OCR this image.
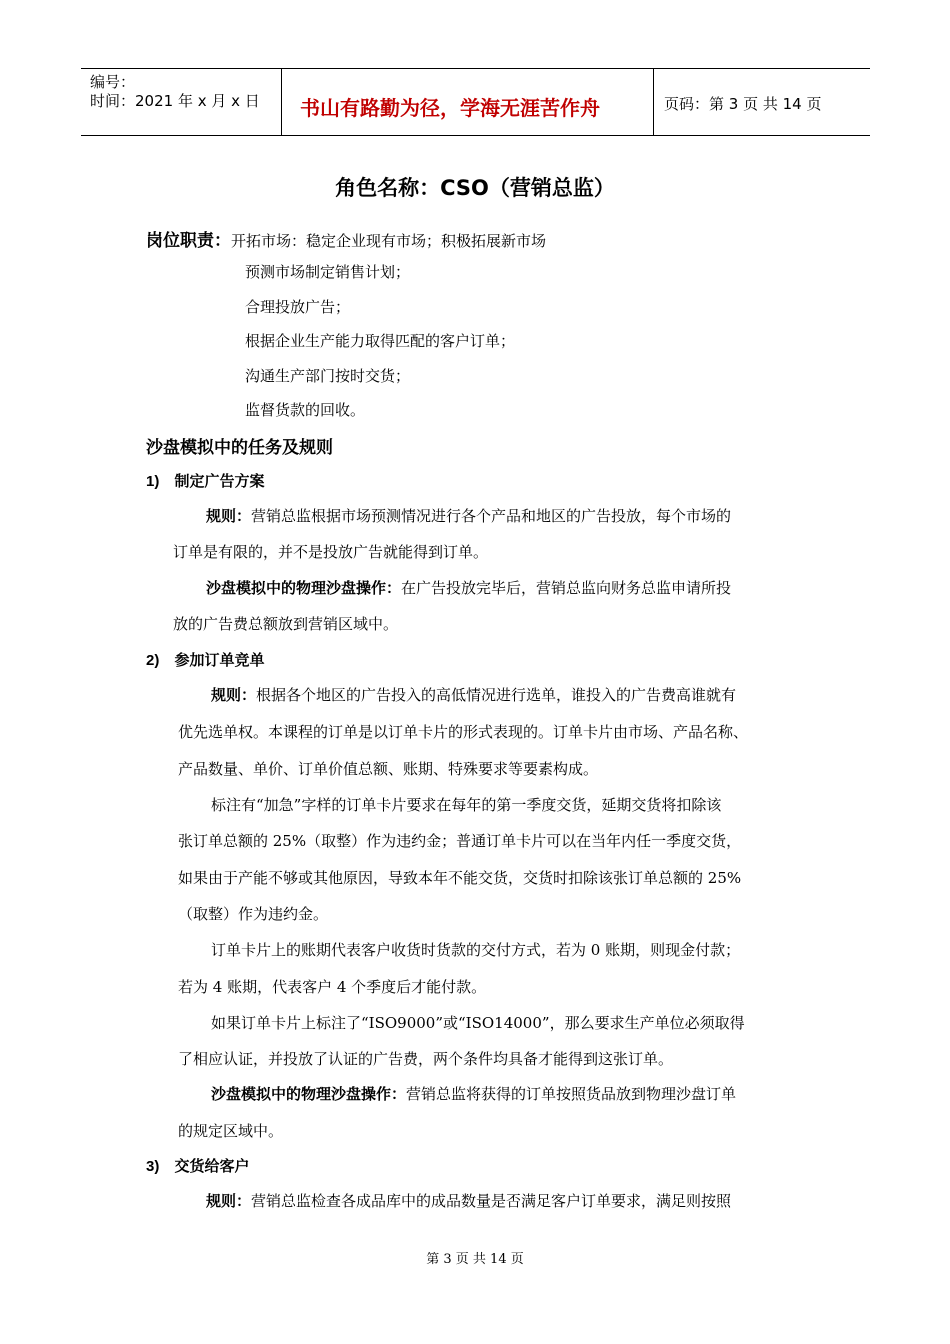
编号：
时间：2021 年 x 月 x 日 书山有路勤为径，学海无涯苦作舟	页码：第 3 页 共 14 页
角色名称：CSO（营销总监）
岗位职责：开拓市场：稳定企业现有市场；积极拓展新市场
预测市场制定销售计划；
合理投放广告；
根据企业生产能力取得匹配的客户订单；
沟通生产部门按时交货；
监督货款的回收。
沙盘模拟中的任务及规则
1) 制定广告方案
规则：营销总监根据市场预测情况进行各个产品和地区的广告投放，每个市场的
订单是有限的，并不是投放广告就能得到订单。
沙盘模拟中的物理沙盘操作：在广告投放完毕后，营销总监向财务总监申请所投
放的广告费总额放到营销区域中。
2) 参加订单竞单
规则：根据各个地区的广告投入的高低情况进行选单，谁投入的广告费高谁就有
优先选单权。本课程的订单是以订单卡片的形式表现的。订单卡片由市场、产品名称、
产品数量、单价、订单价值总额、账期、特殊要求等要素构成。
标注有“加急”字样的订单卡片要求在每年的第一季度交货，延期交货将扣除该
张订单总额的 25%（取整）作为违约金；普通订单卡片可以在当年内任一季度交货，
如果由于产能不够或其他原因，导致本年不能交货，交货时扣除该张订单总额的 25%
（取整）作为违约金。
订单卡片上的账期代表客户收货时货款的交付方式，若为 0 账期，则现金付款；
若为 4 账期，代表客户 4 个季度后才能付款。
如果订单卡片上标注了“ISO9000”或“ISO14000”，那么要求生产单位必须取得
了相应认证，并投放了认证的广告费，两个条件均具备才能得到这张订单。
沙盘模拟中的物理沙盘操作：营销总监将获得的订单按照货品放到物理沙盘订单
的规定区域中。
3) 交货给客户
规则：营销总监检查各成品库中的成品数量是否满足客户订单要求，满足则按照
第 3 页 共 14 页
